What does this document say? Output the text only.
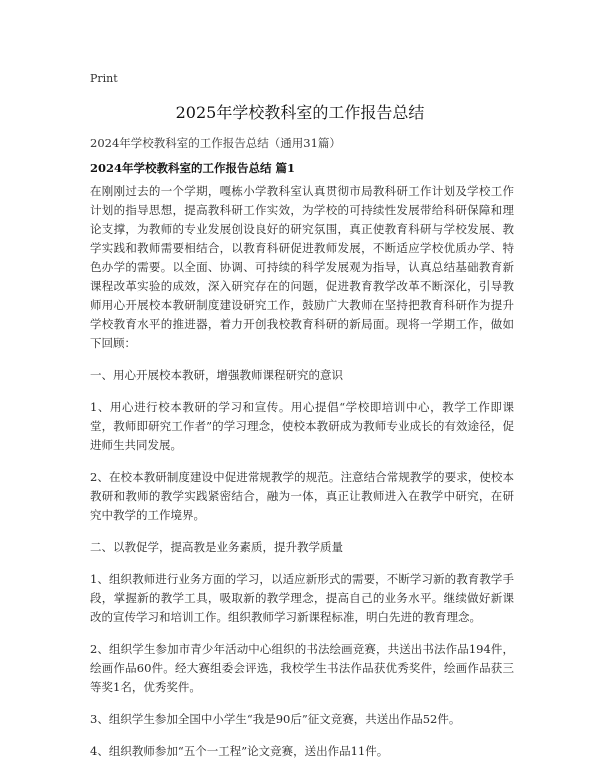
Print
2025年学校教科室的工作报告总结
2024年学校教科室的工作报告总结（通用31篇）
2024年学校教科室的工作报告总结 篇1

在刚刚过去的一个学期，嘎栋小学教科室认真贯彻市局教科研工作计划及学校工作计划的指导思想，提高教科研工作实效，为学校的可持续性发展带给科研保障和理论支撑，为教师的专业发展创设良好的研究氛围，真正使教育科研与学校发展、教学实践和教师需要相结合，以教育科研促进教师发展，不断适应学校优质办学、特色办学的需要。以全面、协调、可持续的科学发展观为指导，认真总结基础教育新课程改革实验的成效，深入研究存在的问题，促进教育教学改革不断深化，引导教师用心开展校本教研制度建设研究工作，鼓励广大教师在坚持把教育科研作为提升学校教育水平的推进器，着力开创我校教育科研的新局面。现将一学期工作，做如下回顾：

一、用心开展校本教研，增强教师课程研究的意识

1、用心进行校本教研的学习和宣传。用心提倡“学校即培训中心，教学工作即课堂，教师即研究工作者”的学习理念，使校本教研成为教师专业成长的有效途径，促进师生共同发展。

2、在校本教研制度建设中促进常规教学的规范。注意结合常规教学的要求，使校本教研和教师的教学实践紧密结合，融为一体，真正让教师进入在教学中研究，在研究中教学的工作境界。

二、以教促学，提高教是业务素质，提升教学质量

1、组织教师进行业务方面的学习，以适应新形式的需要，不断学习新的教育教学手段，掌握新的教学工具，吸取新的教学理念，提高自己的业务水平。继续做好新课改的宣传学习和培训工作。组织教师学习新课程标准，明白先进的教育理念。

2、组织学生参加市青少年活动中心组织的书法绘画竞赛，共送出书法作品194件，绘画作品60件。经大赛组委会评选，我校学生书法作品获优秀奖件，绘画作品获三等奖1名，优秀奖件。

3、组织学生参加全国中小学生“我是90后”征文竞赛，共送出作品52件。

4、组织教师参加“五个一工程”论文竞赛，送出作品11件。
